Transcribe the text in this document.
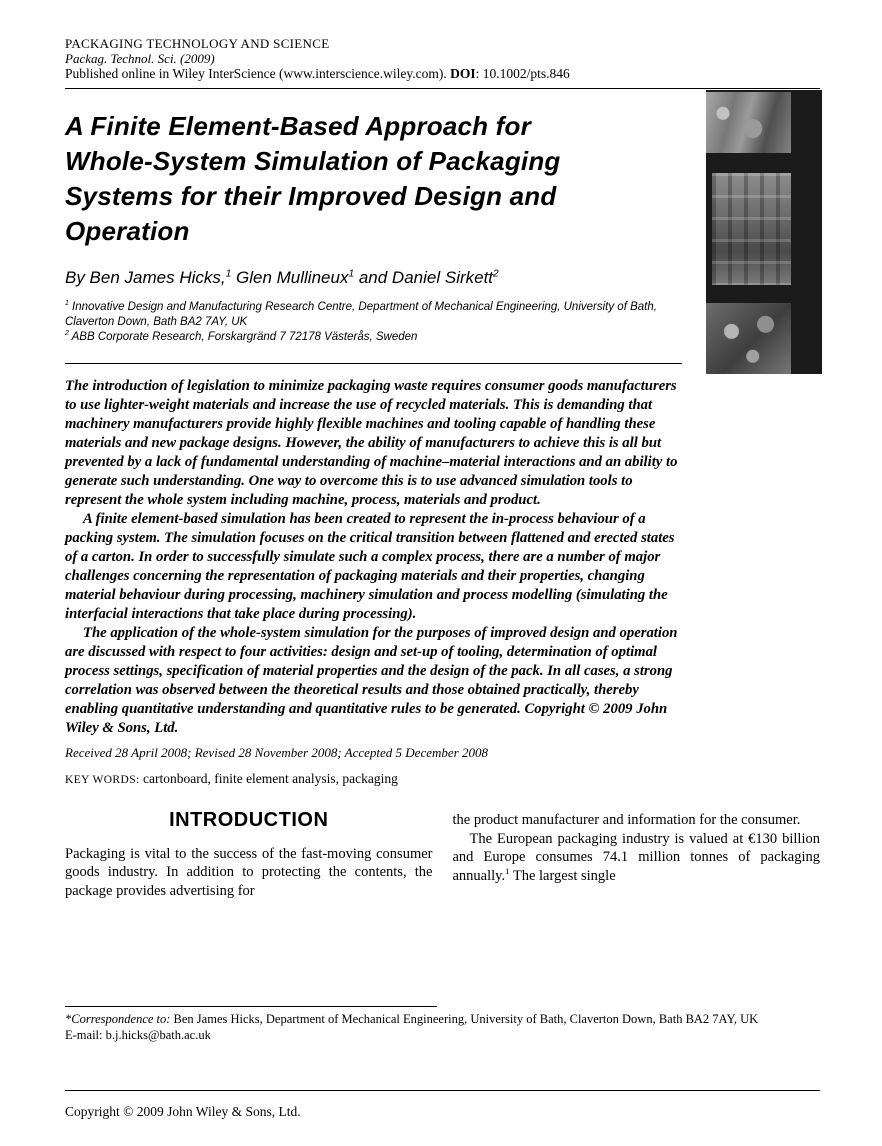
PACKAGING TECHNOLOGY AND SCIENCE
Packag. Technol. Sci. (2009)
Published online in Wiley InterScience (www.interscience.wiley.com). DOI: 10.1002/pts.846
A Finite Element-Based Approach for
Whole-System Simulation of Packaging
Systems for their Improved Design and
Operation

By Ben James Hicks,$^1$ Glen Mullineux$^1$ and Daniel Sirkett$^2$

$^1$ Innovative Design and Manufacturing Research Centre, Department of Mechanical Engineering, University of Bath, Claverton Down, Bath BA2 7AY, UK
$^2$ ABB Corporate Research, Forskargränd 7 72178 Västerås, Sweden

The introduction of legislation to minimize packaging waste requires consumer goods manufacturers to use lighter-weight materials and increase the use of recycled materials. This is demanding that machinery manufacturers provide highly flexible machines and tooling capable of handling these materials and new package designs. However, the ability of manufacturers to achieve this is all but prevented by a lack of fundamental understanding of machine–material interactions and an ability to generate such understanding. One way to overcome this is to use advanced simulation tools to represent the whole system including machine, process, materials and product.

A finite element-based simulation has been created to represent the in-process behaviour of a packing system. The simulation focuses on the critical transition between flattened and erected states of a carton. In order to successfully simulate such a complex process, there are a number of major challenges concerning the representation of packaging materials and their properties, changing material behaviour during processing, machinery simulation and process modelling (simulating the interfacial interactions that take place during processing).

The application of the whole-system simulation for the purposes of improved design and operation are discussed with respect to four activities: design and set-up of tooling, determination of optimal process settings, specification of material properties and the design of the pack. In all cases, a strong correlation was observed between the theoretical results and those obtained practically, thereby enabling quantitative understanding and quantitative rules to be generated. Copyright © 2009 John Wiley & Sons, Ltd.

Received 28 April 2008; Revised 28 November 2008; Accepted 5 December 2008
KEY WORDS: cartonboard, finite element analysis, packaging
INTRODUCTION

Packaging is vital to the success of the fast-moving consumer goods industry. In addition to protecting the contents, the package provides advertising for

the product manufacturer and information for the consumer.

The European packaging industry is valued at €130 billion and Europe consumes 74.1 million tonnes of packaging annually.$^1$ The largest single

*Correspondence to: Ben James Hicks, Department of Mechanical Engineering, University of Bath, Claverton Down, Bath BA2 7AY, UK
E-mail: b.j.hicks@bath.ac.uk
Copyright © 2009 John Wiley & Sons, Ltd.
